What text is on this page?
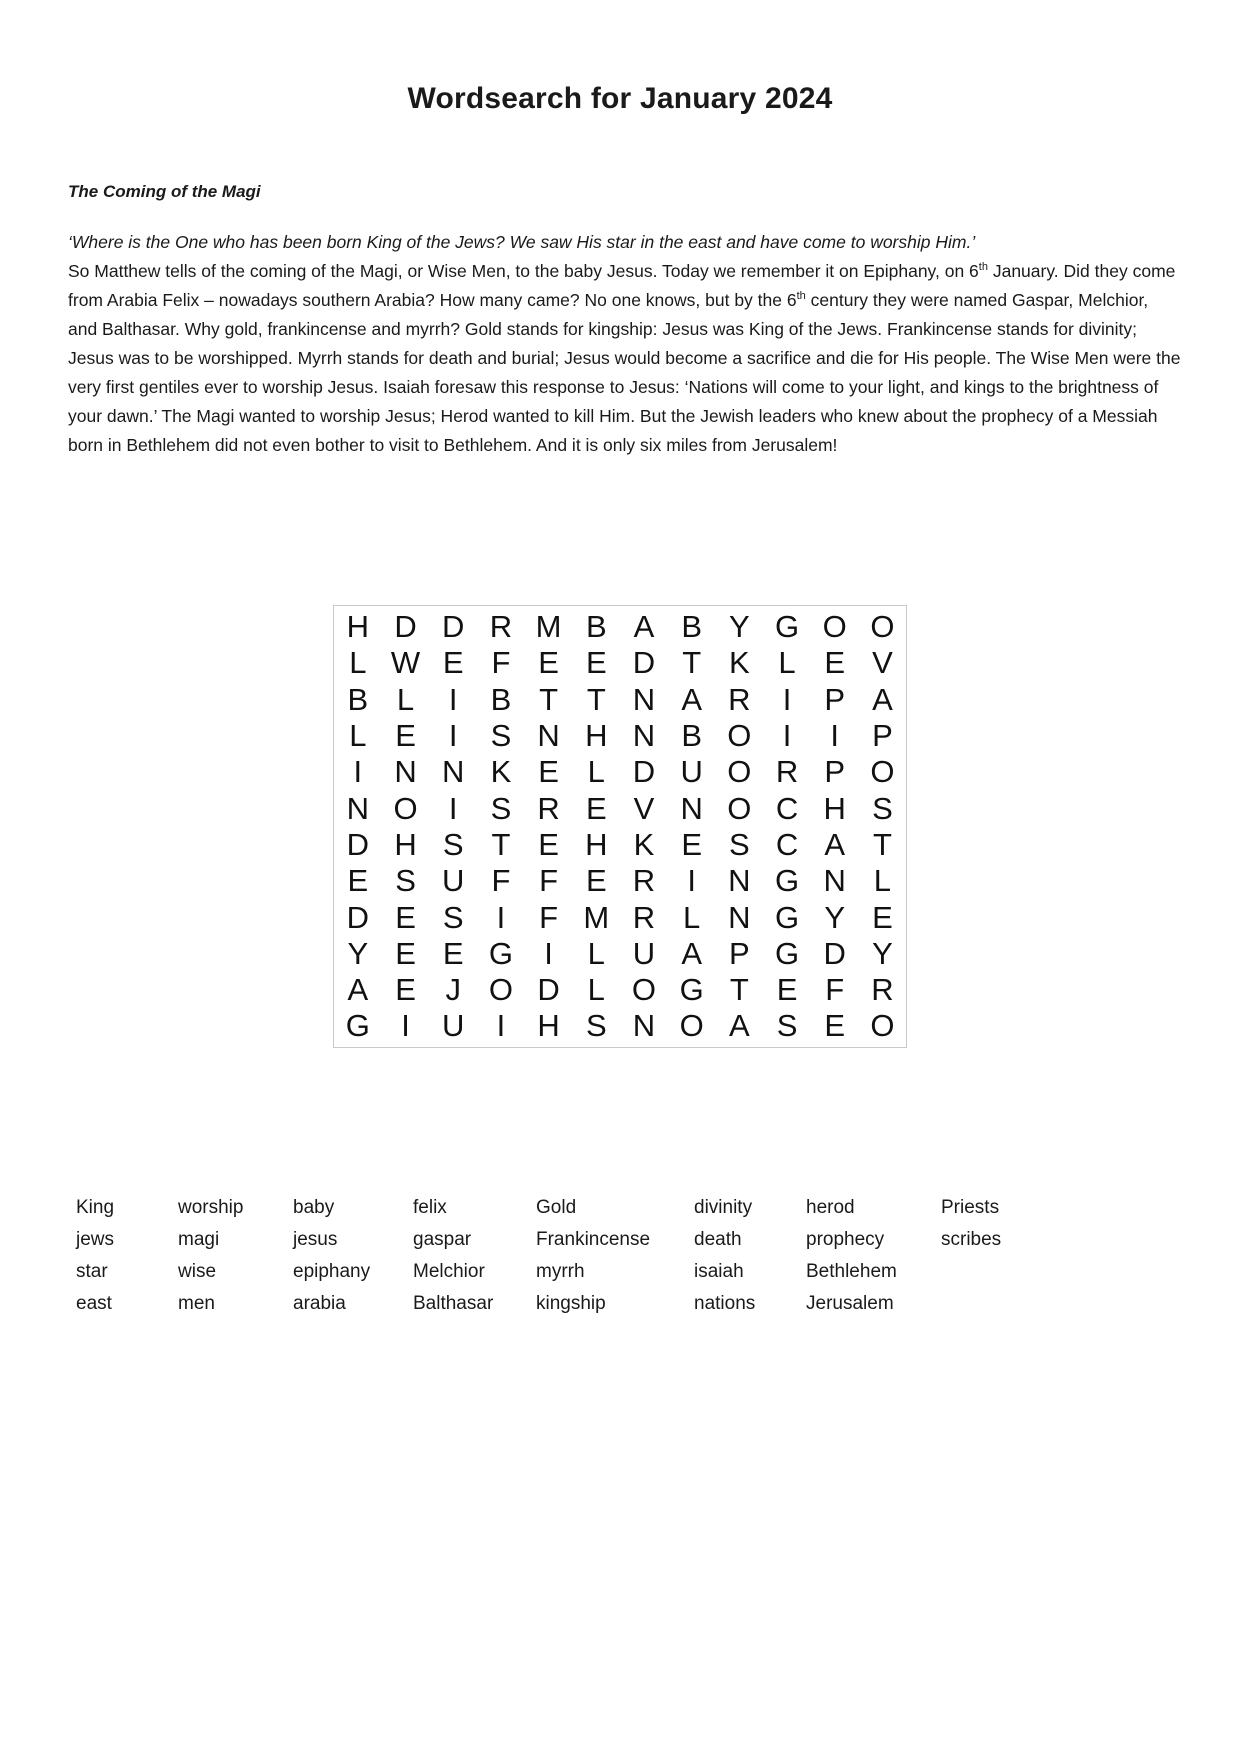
Wordsearch for January 2024
The Coming of the Magi
‘Where is the One who has been born King of the Jews? We saw His star in the east and have come to worship Him.’
So Matthew tells of the coming of the Magi, or Wise Men, to the baby Jesus. Today we remember it on Epiphany, on 6th January. Did they come from Arabia Felix – nowadays southern Arabia? How many came? No one knows, but by the 6th century they were named Gaspar, Melchior, and Balthasar. Why gold, frankincense and myrrh? Gold stands for kingship: Jesus was King of the Jews. Frankincense stands for divinity; Jesus was to be worshipped. Myrrh stands for death and burial; Jesus would become a sacrifice and die for His people. The Wise Men were the very first gentiles ever to worship Jesus. Isaiah foresaw this response to Jesus: ‘Nations will come to your light, and kings to the brightness of your dawn.’ The Magi wanted to worship Jesus; Herod wanted to kill Him. But the Jewish leaders who knew about the prophecy of a Messiah born in Bethlehem did not even bother to visit to Bethlehem. And it is only six miles from Jerusalem!
H D D R M B A B Y G O O
L W E F E E D T K L E V
B L	I	B T T N A R	I	P A
L E	I	S N H N B O	I	I	P
I	N N K E L D U O R P O
N O	I	S R E V N O C H S
D H S T E H K E S C A T
E S U F F E R	I	N G N L
D E S	I	F M R L N G Y E
Y E E G	I	L U A P G D Y
A E J O D L O G T E F R
G	I	U	I	H S N O A S E O
King
jews
star
east
worship
magi
wise
men
baby
jesus
epiphany
arabia
felix
gaspar
Melchior
Balthasar
Gold
Frankincense
myrrh
kingship
divinity
death
isaiah
nations
herod
prophecy
Bethlehem
Jerusalem
Priests
scribes
